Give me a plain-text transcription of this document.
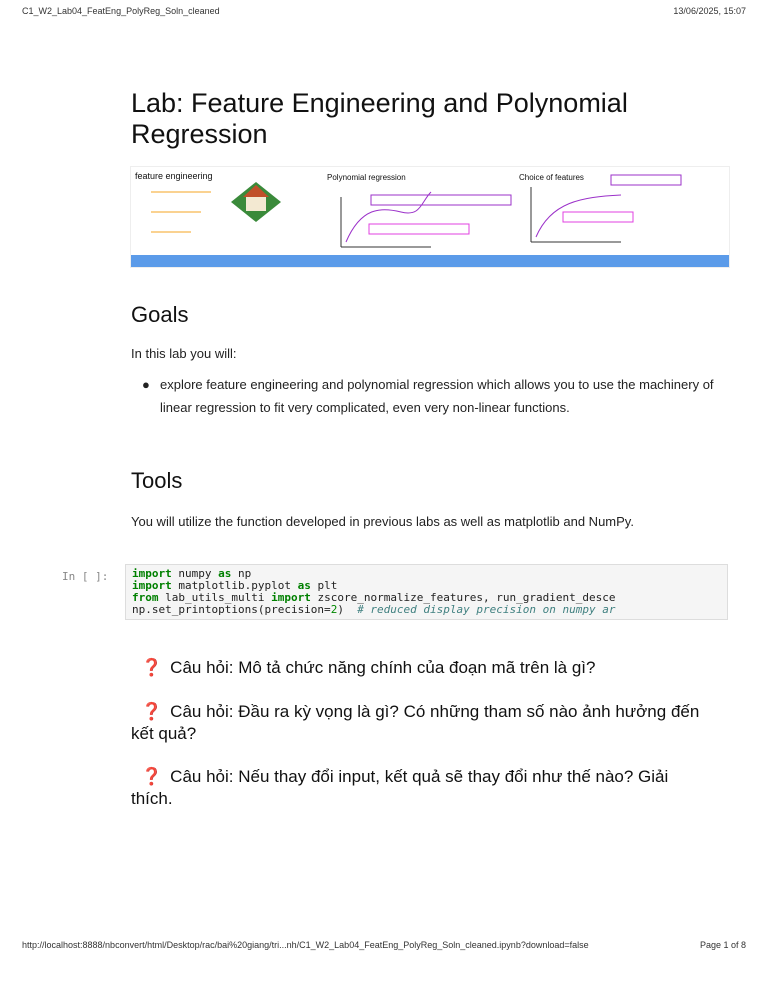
C1_W2_Lab04_FeatEng_PolyReg_Soln_cleaned	13/06/2025, 15:07
Lab: Feature Engineering and Polynomial Regression
feature engineering	Polynomial regression	Choice of features
Goals
In this lab you will:
● explore feature engineering and polynomial regression which allows you to use the machinery of linear regression to fit very complicated, even very non-linear functions.
Tools
You will utilize the function developed in previous labs as well as matplotlib and NumPy.
In [ ]:	import numpy as np
import matplotlib.pyplot as plt
from lab_utils_multi import zscore_normalize_features, run_gradient_desce
np.set_printoptions(precision=2)  # reduced display precision on numpy ar
❓ Câu hỏi: Mô tả chức năng chính của đoạn mã trên là gì?
❓ Câu hỏi: Đầu ra kỳ vọng là gì? Có những tham số nào ảnh hưởng đến kết quả?
❓ Câu hỏi: Nếu thay đổi input, kết quả sẽ thay đổi như thế nào? Giải thích.
http://localhost:8888/nbconvert/html/Desktop/rac/bai%20giang/tri...nh/C1_W2_Lab04_FeatEng_PolyReg_Soln_cleaned.ipynb?download=false	Page 1 of 8
